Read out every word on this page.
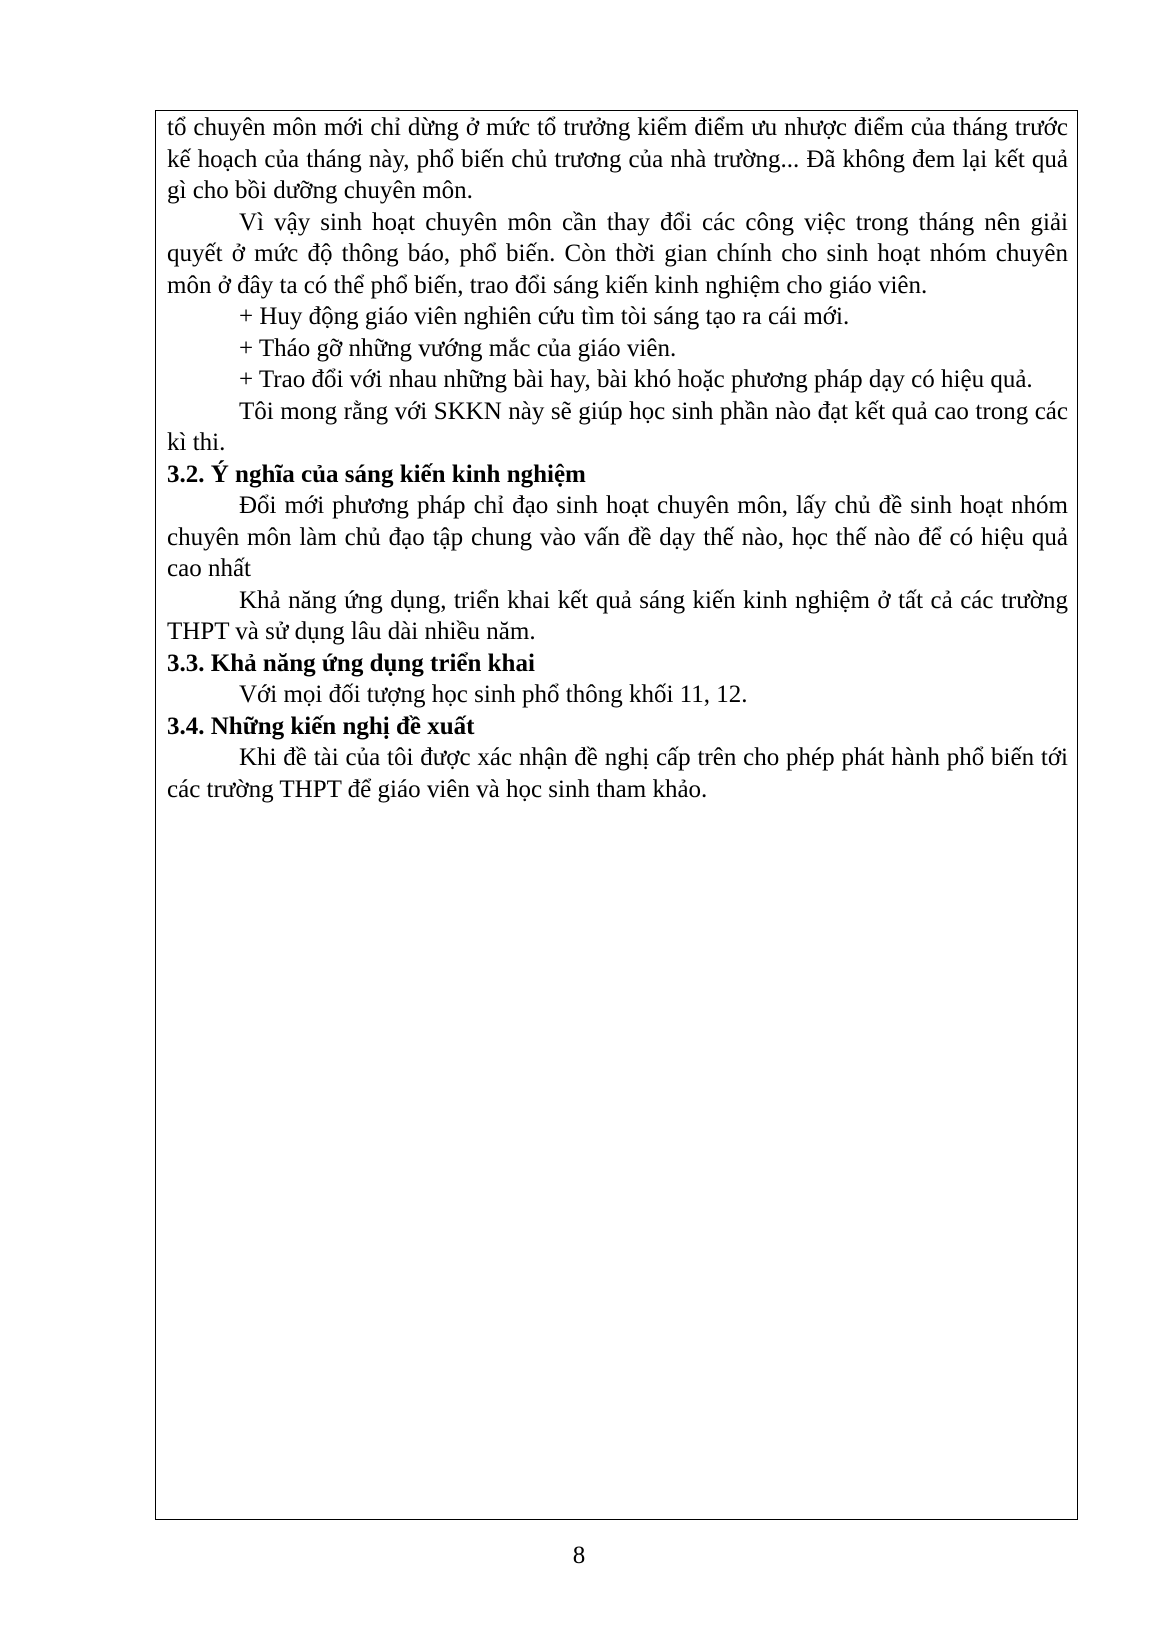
tổ chuyên môn mới chỉ dừng ở mức tổ trưởng kiểm điểm ưu nhược điểm của tháng trước kế hoạch của tháng này, phổ biến chủ trương của nhà trường... Đã không đem lại kết quả gì cho bồi dưỡng chuyên môn.

Vì vậy sinh hoạt chuyên môn cần thay đổi các công việc trong tháng nên giải quyết ở mức độ thông báo, phổ biến. Còn thời gian chính cho sinh hoạt nhóm chuyên môn ở đây ta có thể phổ biến, trao đổi sáng kiến kinh nghiệm cho giáo viên.

+ Huy động giáo viên nghiên cứu tìm tòi sáng tạo ra cái mới.

+ Tháo gỡ những vướng mắc của giáo viên.

+ Trao đổi với nhau những bài hay, bài khó hoặc phương pháp dạy có hiệu quả.

Tôi mong rằng với SKKN này sẽ giúp học sinh phần nào đạt kết quả cao trong các kì thi.

3.2. Ý nghĩa của sáng kiến kinh nghiệm

Đổi mới phương pháp chỉ đạo sinh hoạt chuyên môn, lấy chủ đề sinh hoạt nhóm chuyên môn làm chủ đạo tập chung vào vấn đề dạy thế nào, học thế nào để có hiệu quả cao nhất

Khả năng ứng dụng, triển khai kết quả sáng kiến kinh nghiệm ở tất cả các trường THPT và sử dụng lâu dài nhiều năm.

3.3. Khả năng ứng dụng triển khai

Với mọi đối tượng học sinh phổ thông khối 11, 12.

3.4. Những kiến nghị đề xuất

Khi đề tài của tôi được xác nhận đề nghị cấp trên cho phép phát hành phổ biến tới các trường THPT để giáo viên và học sinh tham khảo.

8
